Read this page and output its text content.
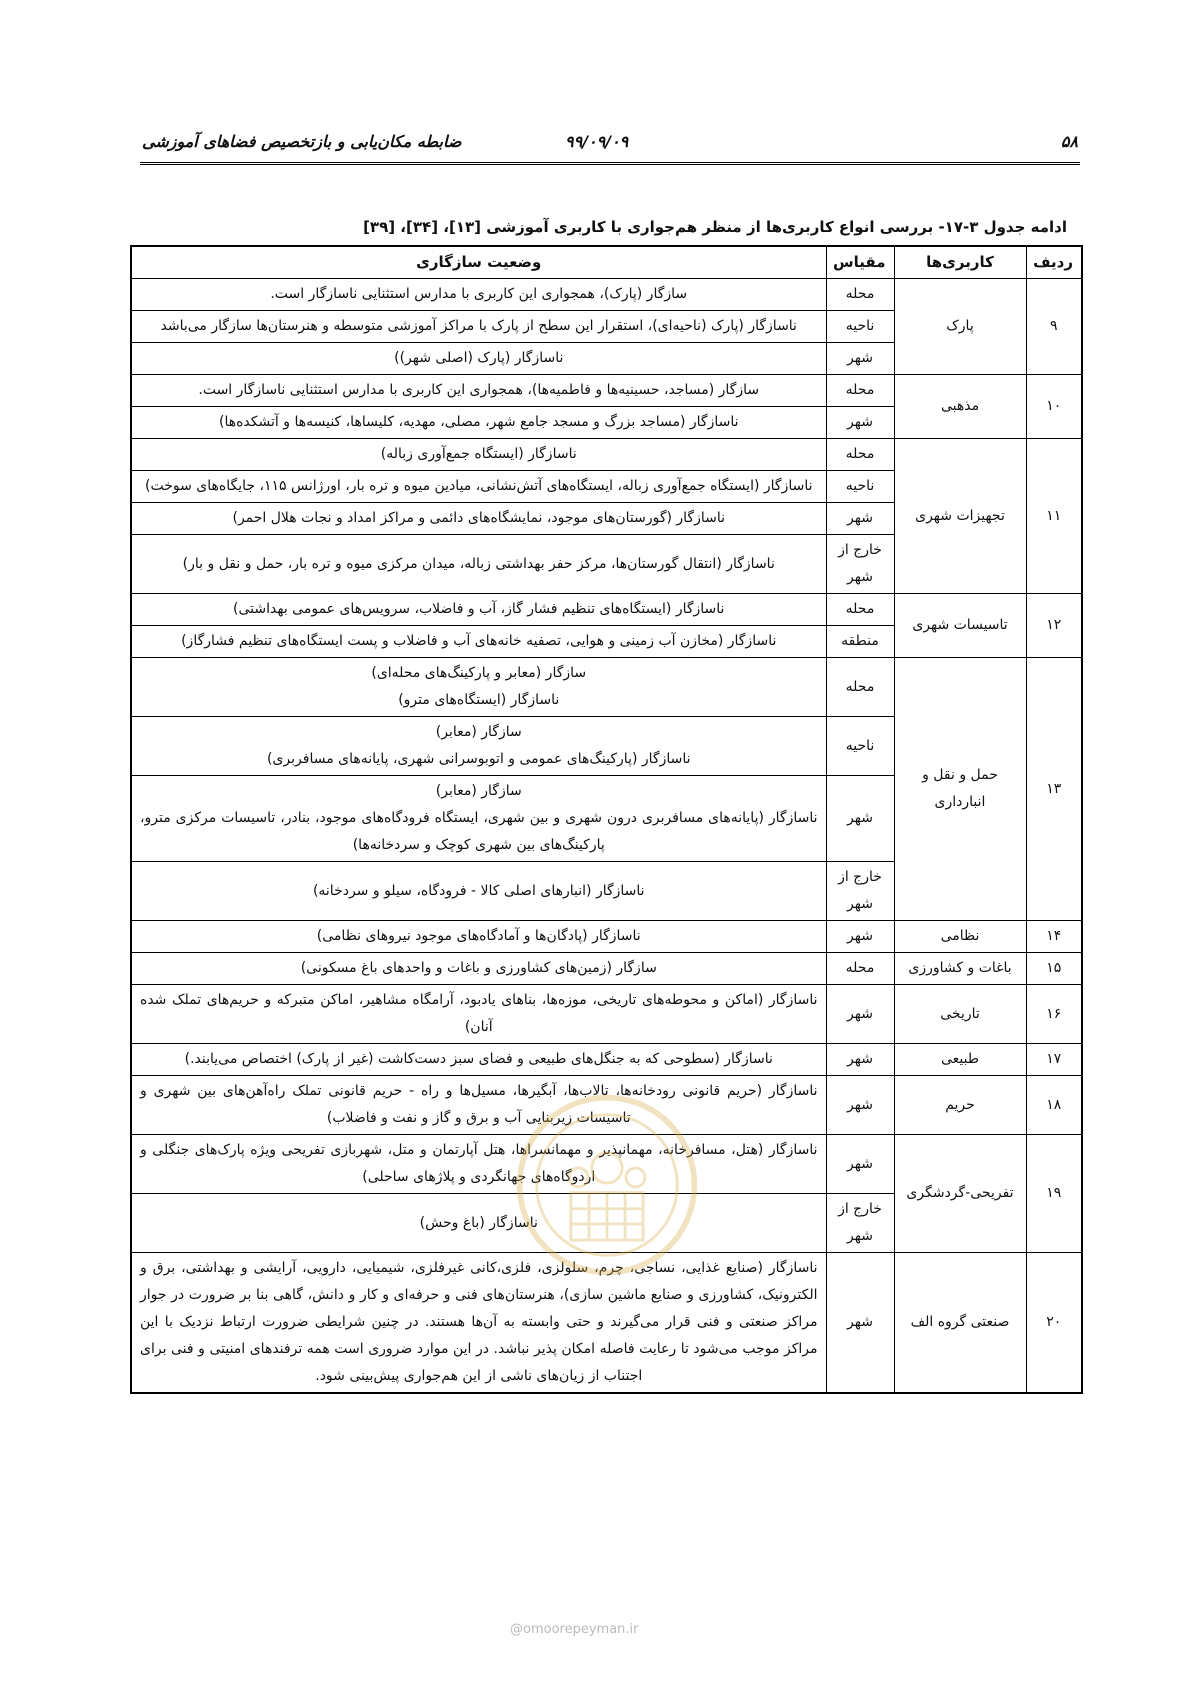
۵۸
۹۹/۰۹/۰۹
ضابطه مکان‌یابی و بازتخصیص فضاهای آموزشی
ادامه جدول ۳-۱۷- بررسی انواع کاربری‌ها از منظر هم‌جواری با کاربری آموزشی [۱۳]، [۳۴]، [۳۹]
ردیف	کاربری‌ها	مقیاس	وضعیت سازگاری
۹	پارک	محله	سازگار (پارک)، همجواری این کاربری با مدارس استثنایی ناسازگار است.

		ناحیه	ناسازگار (پارک (ناحیه‌ای)، استقرار این سطح از پارک با مراکز آموزشی متوسطه و هنرستان‌ها سازگار می‌باشد

		شهر	ناسازگار (پارک (اصلی شهر))

۱۰	مذهبی	محله	سازگار (مساجد، حسینیه‌ها و فاطمیه‌ها)، همجواری این کاربری با مدارس استثنایی ناسازگار است.

		شهر	ناسازگار (مساجد بزرگ و مسجد جامع شهر، مصلی، مهدیه، کلیساها، کنیسه‌ها و آتشکده‌ها)

۱۱	تجهیزات شهری	محله	ناسازگار (ایستگاه جمع‌آوری زباله)

		ناحیه	ناسازگار (ایستگاه جمع‌آوری زباله، ایستگاه‌های آتش‌نشانی، میادین میوه و تره بار، اورژانس ۱۱۵، جایگاه‌های سوخت)

		شهر	ناسازگار (گورستان‌های موجود، نمایشگاه‌های دائمی و مراکز امداد و نجات هلال احمر)

		خارج از شهر	ناسازگار (انتقال گورستان‌ها، مرکز حفر بهداشتی زباله، میدان مرکزی میوه و تره بار، حمل و نقل و بار)

۱۲	تاسیسات شهری	محله	ناسازگار (ایستگاه‌های تنظیم فشار گاز، آب و فاضلاب، سرویس‌های عمومی بهداشتی)

		منطقه	ناسازگار (مخازن آب زمینی و هوایی، تصفیه خانه‌های آب و فاضلاب و پست ایستگاه‌های تنظیم فشارگاز)

۱۳	حمل و نقل و انبارداری	محله	سازگار (معابر و پارکینگ‌های محله‌ای)
ناسازگار (ایستگاه‌های مترو)

		ناحیه	سازگار (معابر)
ناسازگار (پارکینگ‌های عمومی و اتوبوسرانی شهری، پایانه‌های مسافربری)

		شهر	سازگار (معابر)
ناسازگار (پایانه‌های مسافربری درون شهری و بین شهری، ایستگاه فرودگاه‌های موجود، بنادر، تاسیسات مرکزی مترو، پارکینگ‌های بین شهری کوچک و سردخانه‌ها)

		خارج از شهر	ناسازگار (انبارهای اصلی کالا - فرودگاه، سیلو و سردخانه)

۱۴	نظامی	شهر	ناسازگار (پادگان‌ها و آمادگاه‌های موجود نیروهای نظامی)

۱۵	باغات و کشاورزی	محله	سازگار (زمین‌های کشاورزی و باغات و واحدهای باغ مسکونی)

۱۶	تاریخی	شهر	ناسازگار (اماکن و محوطه‌های تاریخی، موزه‌ها، بناهای یادبود، آرامگاه مشاهیر، اماکن متبرکه و حریم‌های تملک شده آنان)

۱۷	طبیعی	شهر	ناسازگار (سطوحی که به جنگل‌های طبیعی و فضای سبز دست‌کاشت (غیر از پارک) اختصاص می‌یابند.)

۱۸	حریم	شهر	ناسازگار (حریم قانونی رودخانه‌ها، تالاب‌ها، آبگیرها، مسیل‌ها و راه - حریم قانونی تملک راه‌آهن‌های بین شهری و تاسیسات زیربنایی آب و برق و گاز و نفت و فاضلاب)

۱۹	تفریحی-گردشگری	شهر	ناسازگار (هتل، مسافرخانه، مهمانپذیر و مهمانسراها، هتل آپارتمان و متل، شهربازی تفریحی ویژه پارک‌های جنگلی و اردوگاه‌های جهانگردی و پلاژهای ساحلی)

		خارج از شهر	ناسازگار (باغ وحش)

۲۰	صنعتی گروه الف	شهر	ناسازگار (صنایع غذایی، نساجی، چرم، سلولزی، فلزی،کانی غیرفلزی، شیمیایی، دارویی، آرایشی و بهداشتی، برق و الکترونیک، کشاورزی و صنایع ماشین سازی)، هنرستان‌های فنی و حرفه‌ای و کار و دانش، گاهی بنا بر ضرورت در جوار مراکز صنعتی و فنی قرار می‌گیرند و حتی وابسته به آن‌ها هستند. در چنین شرایطی ضرورت ارتباط نزدیک با این مراکز موجب می‌شود تا رعایت فاصله امکان پذیر نباشد. در این موارد ضروری است همه ترفندهای امنیتی و فنی برای اجتناب از زیان‌های ناشی از این هم‌جواری پیش‌بینی شود.
@omoorepeyman.ir
